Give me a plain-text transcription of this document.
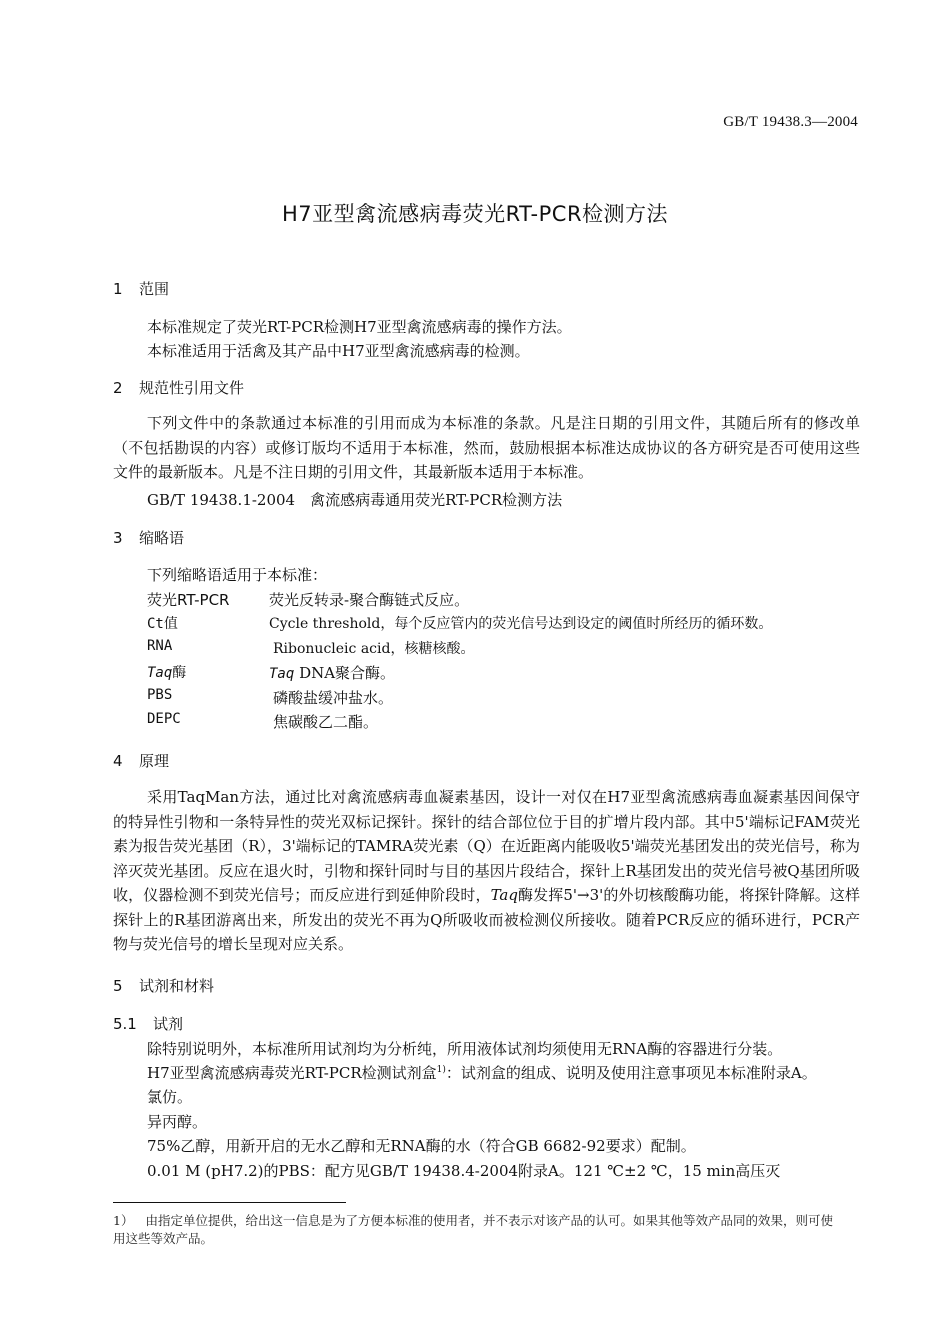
GB/T 19438.3—2004
H7亚型禽流感病毒荧光RT-PCR检测方法
1 范围
本标准规定了荧光RT-PCR检测H7亚型禽流感病毒的操作方法。
本标准适用于活禽及其产品中H7亚型禽流感病毒的检测。
2 规范性引用文件
下列文件中的条款通过本标准的引用而成为本标准的条款。凡是注日期的引用文件，其随后所有的修改单（不包括勘误的内容）或修订版均不适用于本标准，然而，鼓励根据本标准达成协议的各方研究是否可使用这些文件的最新版本。凡是不注日期的引用文件，其最新版本适用于本标准。
GB/T 19438.1-2004　禽流感病毒通用荧光RT-PCR检测方法
3 缩略语
下列缩略语适用于本标准：
荧光RT-PCR	荧光反转录-聚合酶链式反应。
Ct值	Cycle threshold，每个反应管内的荧光信号达到设定的阈值时所经历的循环数。
RNA	Ribonucleic acid，核糖核酸。
Taq酶	Taq DNA聚合酶。
PBS	磷酸盐缓冲盐水。
DEPC	焦碳酸乙二酯。
4 原理
采用TaqMan方法，通过比对禽流感病毒血凝素基因，设计一对仅在H7亚型禽流感病毒血凝素基因间保守的特异性引物和一条特异性的荧光双标记探针。探针的结合部位位于目的扩增片段内部。其中5'端标记FAM荧光素为报告荧光基团（R），3'端标记的TAMRA荧光素（Q）在近距离内能吸收5'端荧光基团发出的荧光信号，称为淬灭荧光基团。反应在退火时，引物和探针同时与目的基因片段结合，探针上R基团发出的荧光信号被Q基团所吸收，仪器检测不到荧光信号；而反应进行到延伸阶段时，Taq酶发挥5'→3'的外切核酸酶功能，将探针降解。这样探针上的R基团游离出来，所发出的荧光不再为Q所吸收而被检测仪所接收。随着PCR反应的循环进行，PCR产物与荧光信号的增长呈现对应关系。
5 试剂和材料
5.1 试剂
除特别说明外，本标准所用试剂均为分析纯，所用液体试剂均须使用无RNA酶的容器进行分装。
H7亚型禽流感病毒荧光RT-PCR检测试剂盒$^{1)}$：试剂盒的组成、说明及使用注意事项见本标准附录A。
氯仿。
异丙醇。
75%乙醇，用新开启的无水乙醇和无RNA酶的水（符合GB 6682-92要求）配制。
0.01 M (pH7.2)的PBS：配方见GB/T 19438.4-2004附录A。121 ℃±2 ℃，15 min高压灭
1） 由指定单位提供，给出这一信息是为了方便本标准的使用者，并不表示对该产品的认可。如果其他等效产品同的效果，则可使用这些等效产品。
